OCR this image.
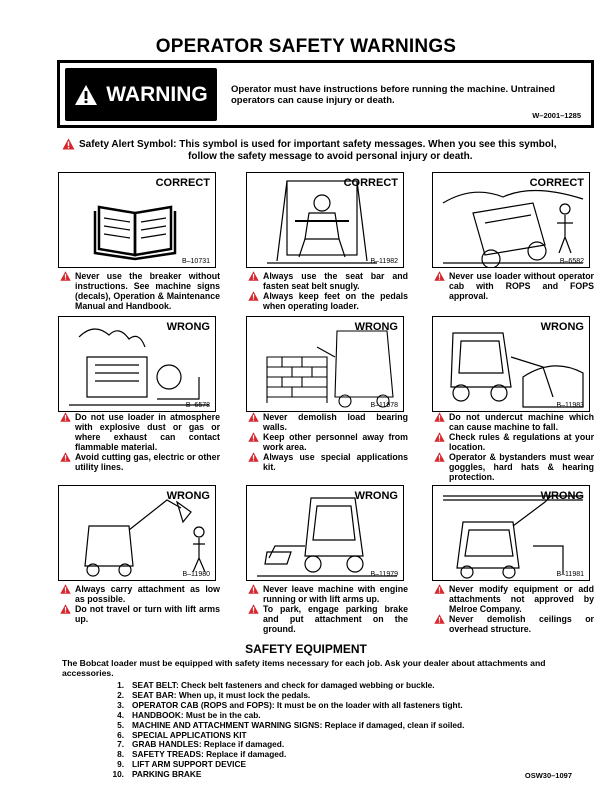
OPERATOR SAFETY WARNINGS
WARNING Operator must have instructions before running the machine. Untrained operators can cause injury or death.
W–2001–1285
Safety Alert Symbol: This symbol is used for important safety messages. When you see this symbol,
follow the safety message to avoid personal injury or death.
CORRECT
B–10731
Never use the breaker without instructions. See machine signs (decals), Operation & Maintenance Manual and Handbook.
CORRECT
B–11982
Always use the seat bar and fasten seat belt snugly.
Always keep feet on the pedals when operating loader.
CORRECT
B–6582
Never use loader without operator cab with ROPS and FOPS approval.
WRONG
B–6578
Do not use loader in atmosphere with explosive dust or gas or where exhaust can contact flammable material.
Avoid cutting gas, electric or other utility lines.
WRONG
B–11978
Never demolish load bearing walls.
Keep other personnel away from work area.
Always use special applications kit.
WRONG
B–11983
Do not undercut machine which can cause machine to fall.
Check rules & regulations at your location.
Operator & bystanders must wear goggles, hard hats & hearing protection.
WRONG
B–11980
Always carry attachment as low as possible.
Do not travel or turn with lift arms up.
WRONG
B–11979
Never leave machine with engine running or with lift arms up.
To park, engage parking brake and put attachment on the ground.
WRONG
B–11981
Never modify equipment or add attachments not approved by Melroe Company.
Never demolish ceilings or overhead structure.
SAFETY EQUIPMENT
The Bobcat loader must be equipped with safety items necessary for each job. Ask your dealer about attachments and accessories.
1. SEAT BELT: Check belt fasteners and check for damaged webbing or buckle.
2. SEAT BAR: When up, it must lock the pedals.
3. OPERATOR CAB (ROPS and FOPS): It must be on the loader with all fasteners tight.
4. HANDBOOK: Must be in the cab.
5. MACHINE AND ATTACHMENT WARNING SIGNS: Replace if damaged, clean if soiled.
6. SPECIAL APPLICATIONS KIT
7. GRAB HANDLES: Replace if damaged.
8. SAFETY TREADS: Replace if damaged.
9. LIFT ARM SUPPORT DEVICE
10. PARKING BRAKE	OSW30–1097
